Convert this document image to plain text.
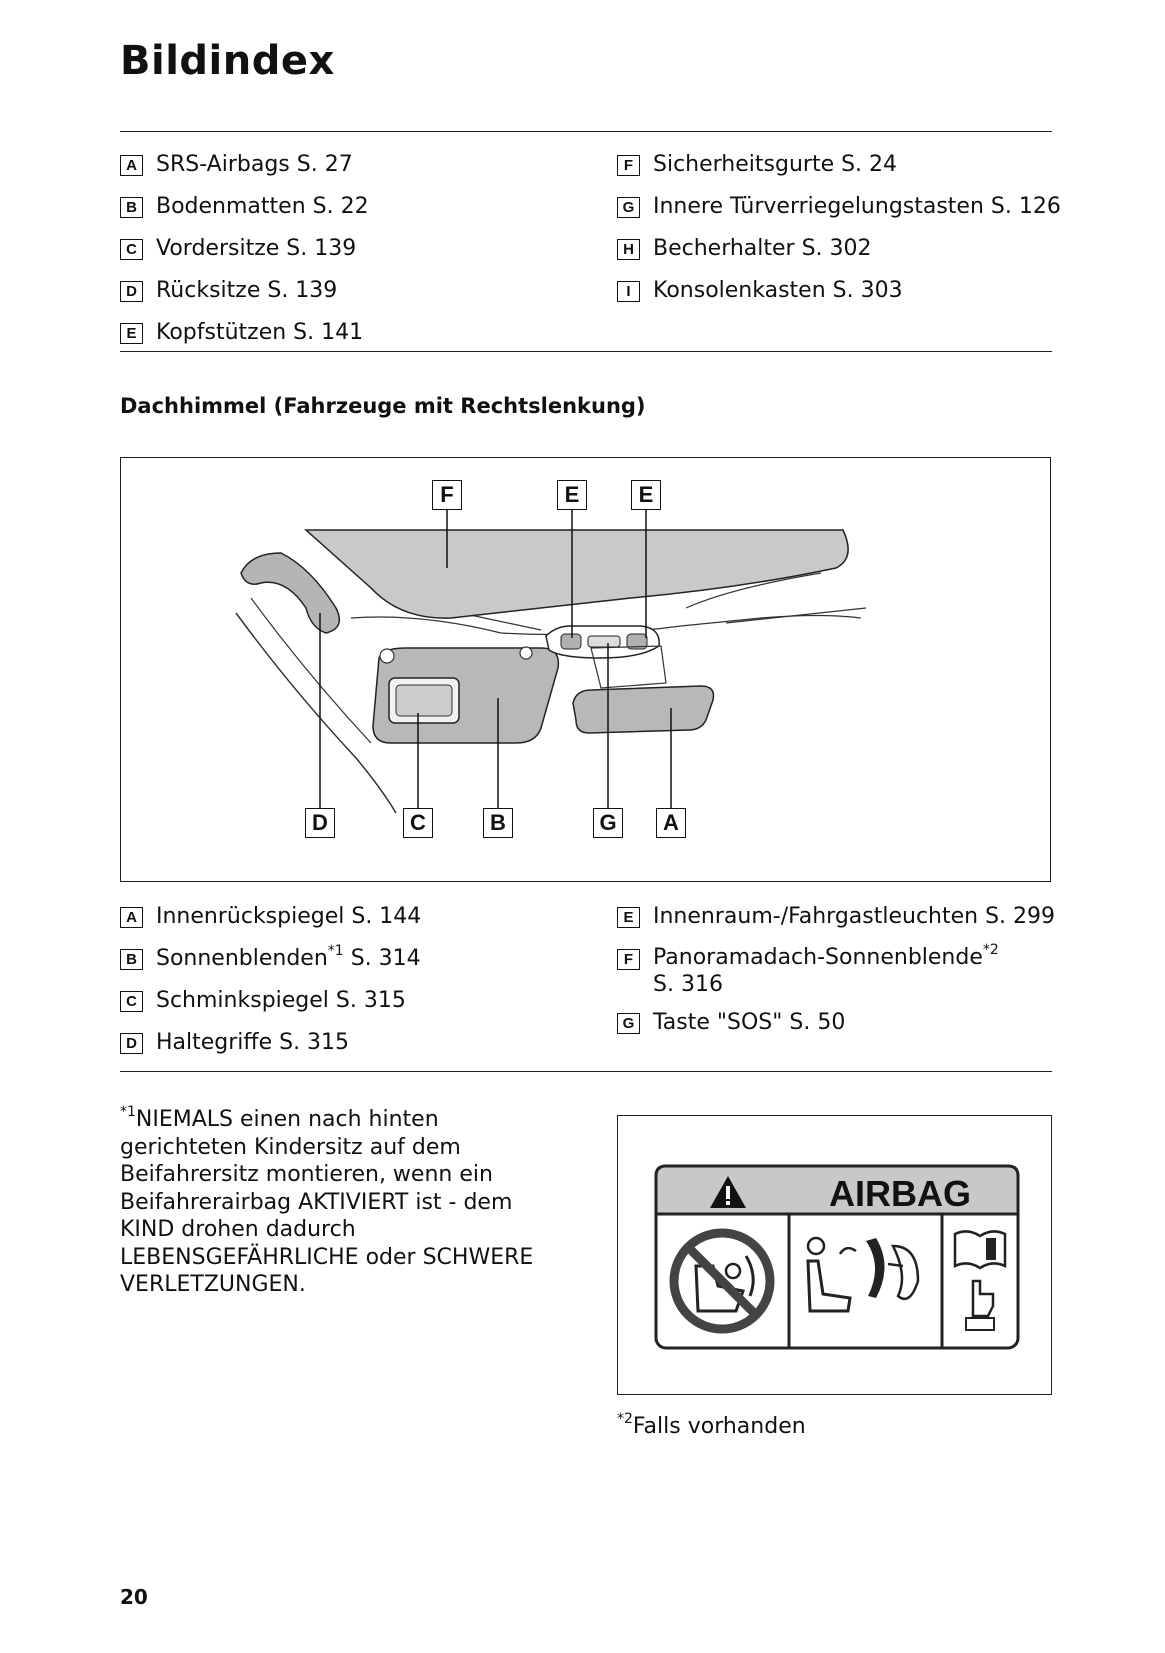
Bildindex
A SRS-Airbags S. 27
B Bodenmatten S. 22
C Vordersitze S. 139
D Rücksitze S. 139
E Kopfstützen S. 141
F Sicherheitsgurte S. 24
G Innere Türverriegelungstasten S. 126
H Becherhalter S. 302
I	Konsolenkasten S. 303
Dachhimmel (Fahrzeuge mit Rechtslenkung)
F	E	E
D	C	B	G	A
A Innenrückspiegel S. 144
B Sonnenblenden$^{*1}$ S. 314
C Schminkspiegel S. 315
D Haltegriffe S. 315
E Innenraum-/Fahrgastleuchten S. 299
F Panoramadach-Sonnenblende$^{*2}$
S. 316
G Taste "SOS" S. 50
$^{*1}$NIEMALS einen nach hinten
gerichteten Kindersitz auf dem
Beifahrersitz montieren, wenn ein
Beifahrerairbag AKTIVIERT ist - dem
KIND drohen dadurch
LEBENSGEFÄHRLICHE oder SCHWERE
VERLETZUNGEN.
AIRBAG
$^{*2}$Falls vorhanden
20
